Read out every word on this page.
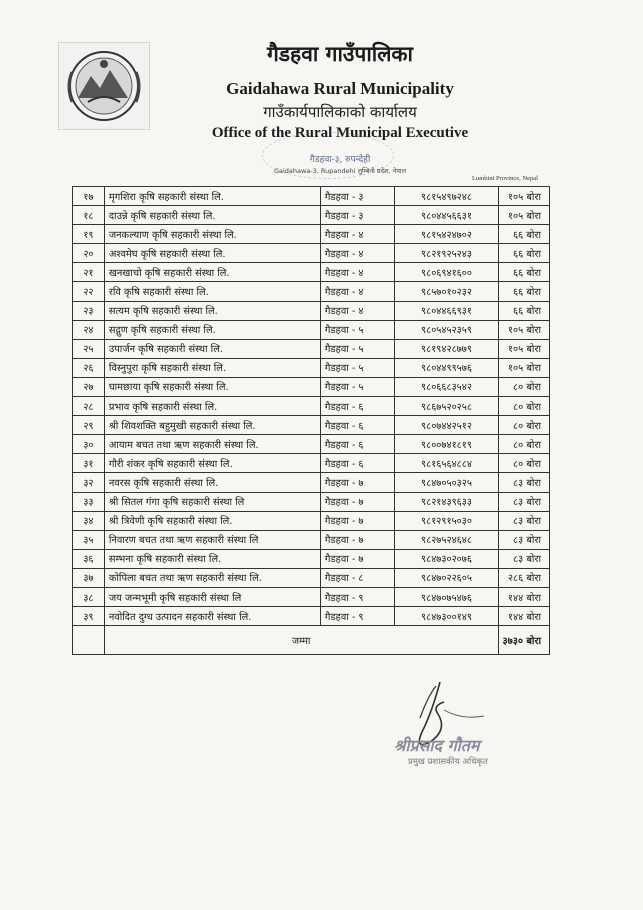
गैडहवा गाउँपालिका
Gaidahawa Rural Municipality
गाउँकार्यपालिकाको कार्यालय
Office of the Rural Municipal Executive
गैडहवा-३, रुपन्देही
Gaidahawa-3, Rupandehi लुम्बिनी प्रदेश, नेपाल
Lumbini Province, Nepal
१७	मृगशिरा कृषि सहकारी संस्था लि.	गैडहवा - ३	९८१५४९७२४८	१०५ बोरा
१८	दाउन्ने कृषि सहकारी संस्था लि.	गैडहवा - ३	९८०४४५६६३१	१०५ बोरा
१९	जनकल्याण कृषि सहकारी संस्था लि.	गैडहवा - ४	९८१५४२४७०२	६६ बोरा
२०	अश्वमेघ कृषि सहकारी संस्था लि.	गैडहवा - ४	९८२१९२५२४३	६६ बोरा
२१	खनखाचो कृषि सहकारी संस्था लि.	गैडहवा - ४	९८०६९४१६००	६६ बोरा
२२	रवि कृषि सहकारी संस्था लि.	गैडहवा - ४	९८५७०१०२३२	६६ बोरा
२३	सत्यम कृषि सहकारी संस्था लि.	गैडहवा - ४	९८०४४६६९३१	६६ बोरा
२४	सद्गुण कृषि सहकारी संस्था लि.	गैडहवा - ५	९८०५४५२३५९	१०५ बोरा
२५	उपार्जन कृषि सहकारी संस्था लि.	गैडहवा - ५	९८१९४२८७७९	१०५ बोरा
२६	विस्नुपुरा कृषि सहकारी संस्था लि.	गैडहवा - ५	९८०४४९९५७६	१०५ बोरा
२७	घामछाया कृषि सहकारी संस्था लि.	गैडहवा - ५	९८०६६८३५४२	८० बोरा
२८	प्रभाव कृषि सहकारी संस्था लि.	गैडहवा - ६	९८६७५२०२५८	८० बोरा
२९	श्री शिवशक्ति बहुमुखी सहकारी संस्था लि.	गैडहवा - ६	९८०७४४२५१२	८० बोरा
३०	आयाम बचत तथा ऋण सहकारी संस्था लि.	गैडहवा - ६	९८००७४१८१९	८० बोरा
३१	गौरी शंकर कृषि सहकारी संस्था लि.	गैडहवा - ६	९८१६५६४८८४	८० बोरा
३२	नवरस कृषि सहकारी संस्था लि.	गैडहवा - ७	९८४७०५०३२५	८३ बोरा
३३	श्री सितल गंगा कृषि सहकारी संस्था लि	गैडहवा - ७	९८२१४३९६३३	८३ बोरा
३४	श्री त्रिवेणी कृषि सहकारी संस्था लि.	गैडहवा - ७	९८१२९१५०३०	८३ बोरा
३५	निवारण बचत तथा ऋण सहकारी संस्था लि	गैडहवा - ७	९८२७५२४६४८	८३ बोरा
३६	सम्भना कृषि सहकारी संस्था लि.	गैडहवा - ७	९८४७३०२०७६	८३ बोरा
३७	कोपिला बचत तथा ऋण सहकारी संस्था लि.	गैडहवा - ८	९८४७०२२६०५	२८६ बोरा
३८	जय जन्मभूमी कृषि सहकारी संस्था लि	गैडहवा - ९	९८४७०७५४७६	१४४ बोरा
३९	नवोदित दुग्ध उत्पादन सहकारी संस्था लि.	गैडहवा - ९	९८४७३००१४९	१४४ बोरा
	जम्मा			३७३० बोरा
श्रीप्रसाद गौतम
प्रमुख प्रशासकीय अधिकृत
